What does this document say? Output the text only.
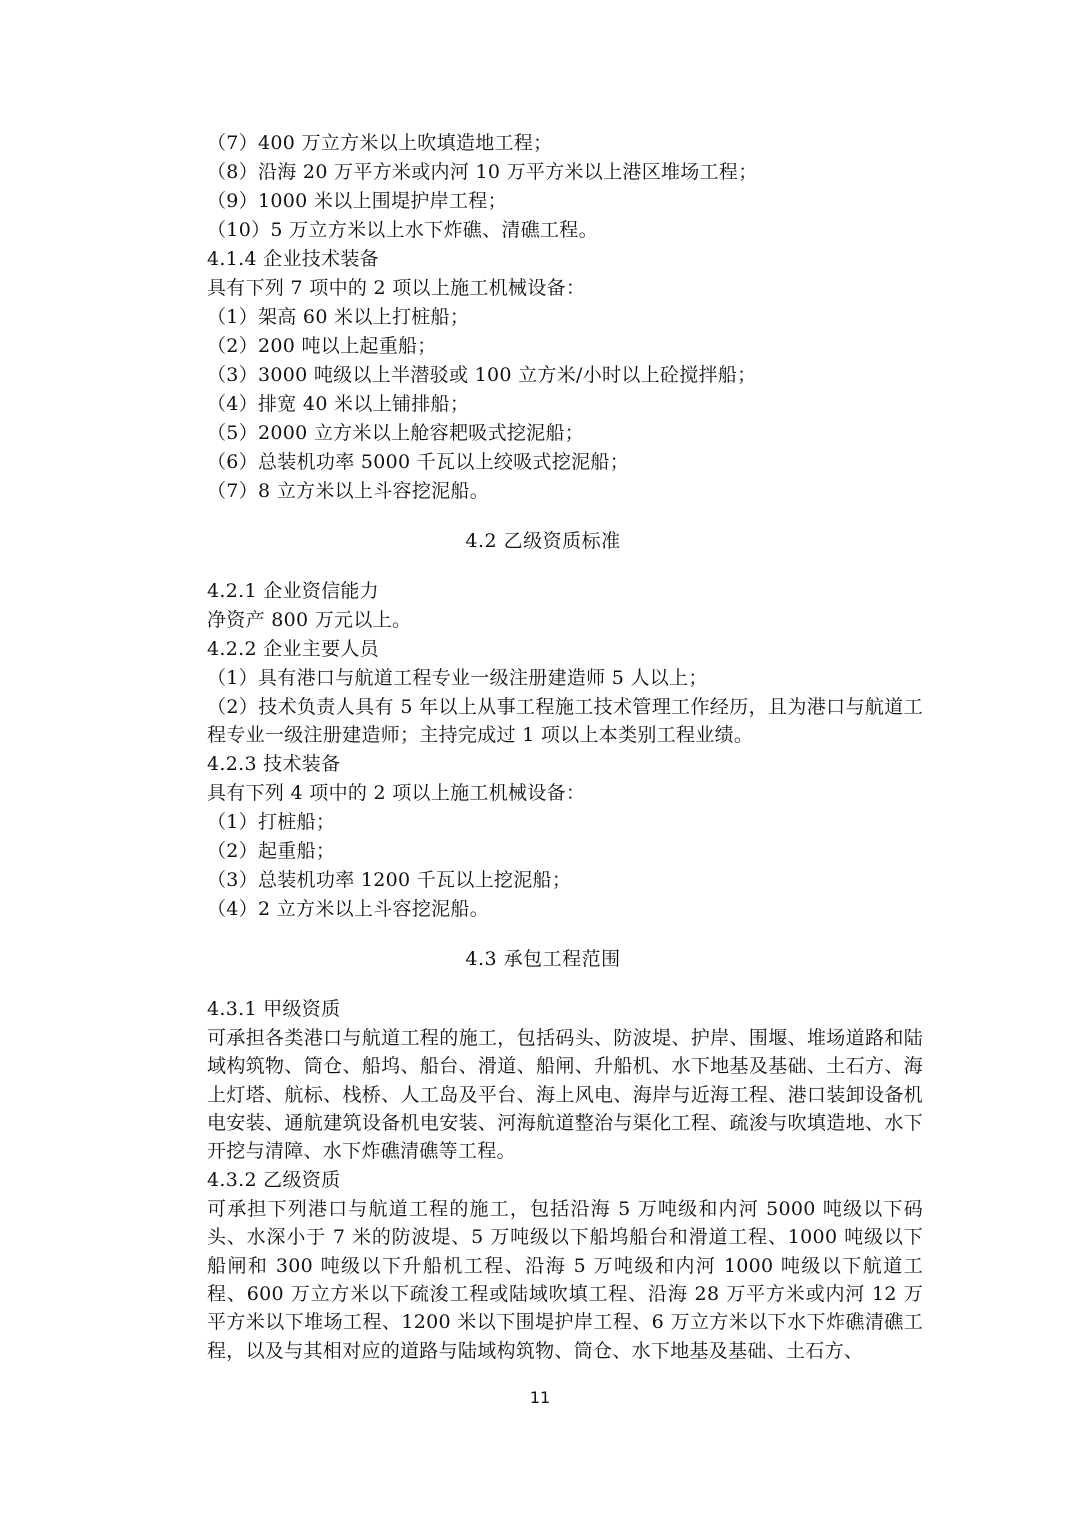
（7）400 万立方米以上吹填造地工程；
（8）沿海 20 万平方米或内河 10 万平方米以上港区堆场工程；
（9）1000 米以上围堤护岸工程；
（10）5 万立方米以上水下炸礁、清礁工程。
4.1.4 企业技术装备
具有下列 7 项中的 2 项以上施工机械设备：
（1）架高 60 米以上打桩船；
（2）200 吨以上起重船；
（3）3000 吨级以上半潜驳或 100 立方米/小时以上砼搅拌船；
（4）排宽 40 米以上铺排船；
（5）2000 立方米以上舱容耙吸式挖泥船；
（6）总装机功率 5000 千瓦以上绞吸式挖泥船；
（7）8 立方米以上斗容挖泥船。
4.2 乙级资质标准
4.2.1 企业资信能力
净资产 800 万元以上。
4.2.2 企业主要人员
（1）具有港口与航道工程专业一级注册建造师 5 人以上；
（2）技术负责人具有 5 年以上从事工程施工技术管理工作经历，且为港口与航道工程专业一级注册建造师；主持完成过 1 项以上本类别工程业绩。
4.2.3 技术装备
具有下列 4 项中的 2 项以上施工机械设备：
（1）打桩船；
（2）起重船；
（3）总装机功率 1200 千瓦以上挖泥船；
（4）2 立方米以上斗容挖泥船。
4.3 承包工程范围
4.3.1 甲级资质
可承担各类港口与航道工程的施工，包括码头、防波堤、护岸、围堰、堆场道路和陆域构筑物、筒仓、船坞、船台、滑道、船闸、升船机、水下地基及基础、土石方、海上灯塔、航标、栈桥、人工岛及平台、海上风电、海岸与近海工程、港口装卸设备机电安装、通航建筑设备机电安装、河海航道整治与渠化工程、疏浚与吹填造地、水下开挖与清障、水下炸礁清礁等工程。
4.3.2 乙级资质
可承担下列港口与航道工程的施工，包括沿海 5 万吨级和内河 5000 吨级以下码头、水深小于 7 米的防波堤、5 万吨级以下船坞船台和滑道工程、1000 吨级以下船闸和 300 吨级以下升船机工程、沿海 5 万吨级和内河 1000 吨级以下航道工程、600 万立方米以下疏浚工程或陆域吹填工程、沿海 28 万平方米或内河 12 万平方米以下堆场工程、1200 米以下围堤护岸工程、6 万立方米以下水下炸礁清礁工程，以及与其相对应的道路与陆域构筑物、筒仓、水下地基及基础、土石方、
11
